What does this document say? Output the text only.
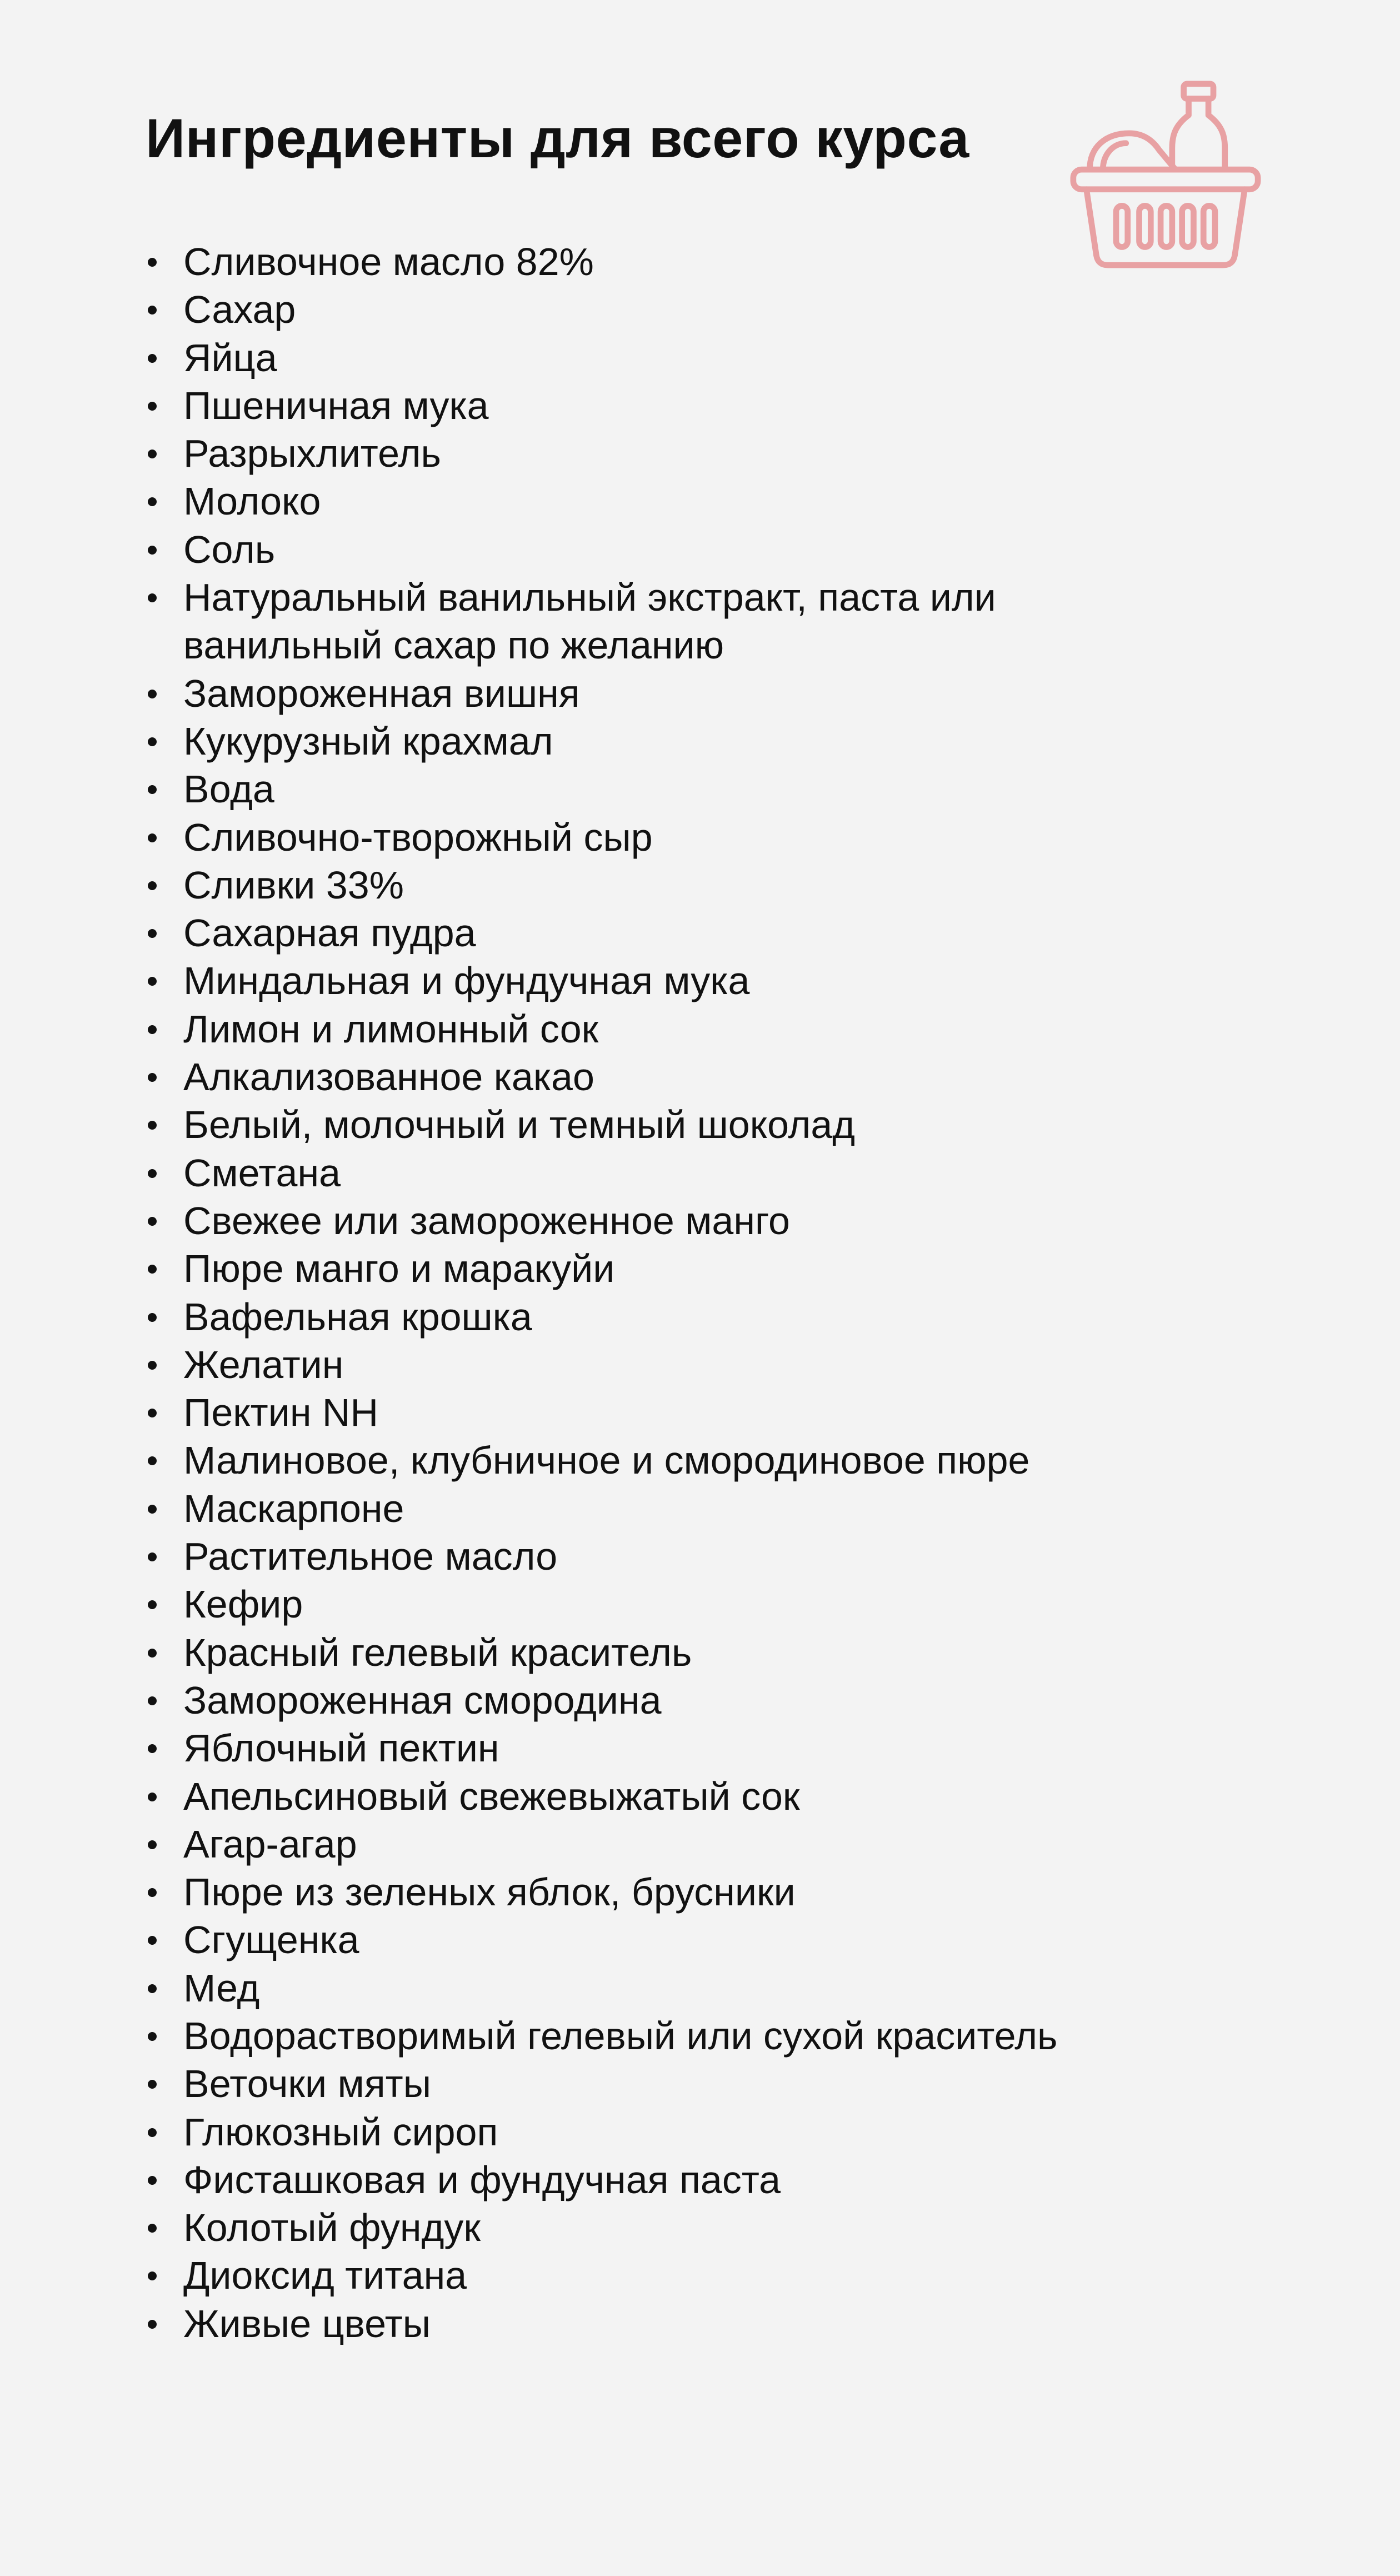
Ингредиенты для всего курса
Сливочное масло 82%
Сахар
Яйца
Пшеничная мука
Разрыхлитель
Молоко
Соль
Натуральный ванильный экстракт, паста или
ванильный сахар по желанию
Замороженная вишня
Кукурузный крахмал
Вода
Сливочно-творожный сыр
Сливки 33%
Сахарная пудра
Миндальная и фундучная мука
Лимон и лимонный сок
Алкализованное какао
Белый, молочный и темный шоколад
Сметана
Свежее или замороженное манго
Пюре манго и маракуйи
Вафельная крошка
Желатин
Пектин NH
Малиновое, клубничное и смородиновое пюре
Маскарпоне
Растительное масло
Кефир
Красный гелевый краситель
Замороженная смородина
Яблочный пектин
Апельсиновый свежевыжатый сок
Агар-агар
Пюре из зеленых яблок, брусники
Сгущенка
Мед
Водорастворимый гелевый или сухой краситель
Веточки мяты
Глюкозный сироп
Фисташковая и фундучная паста
Колотый фундук
Диоксид титана
Живые цветы
